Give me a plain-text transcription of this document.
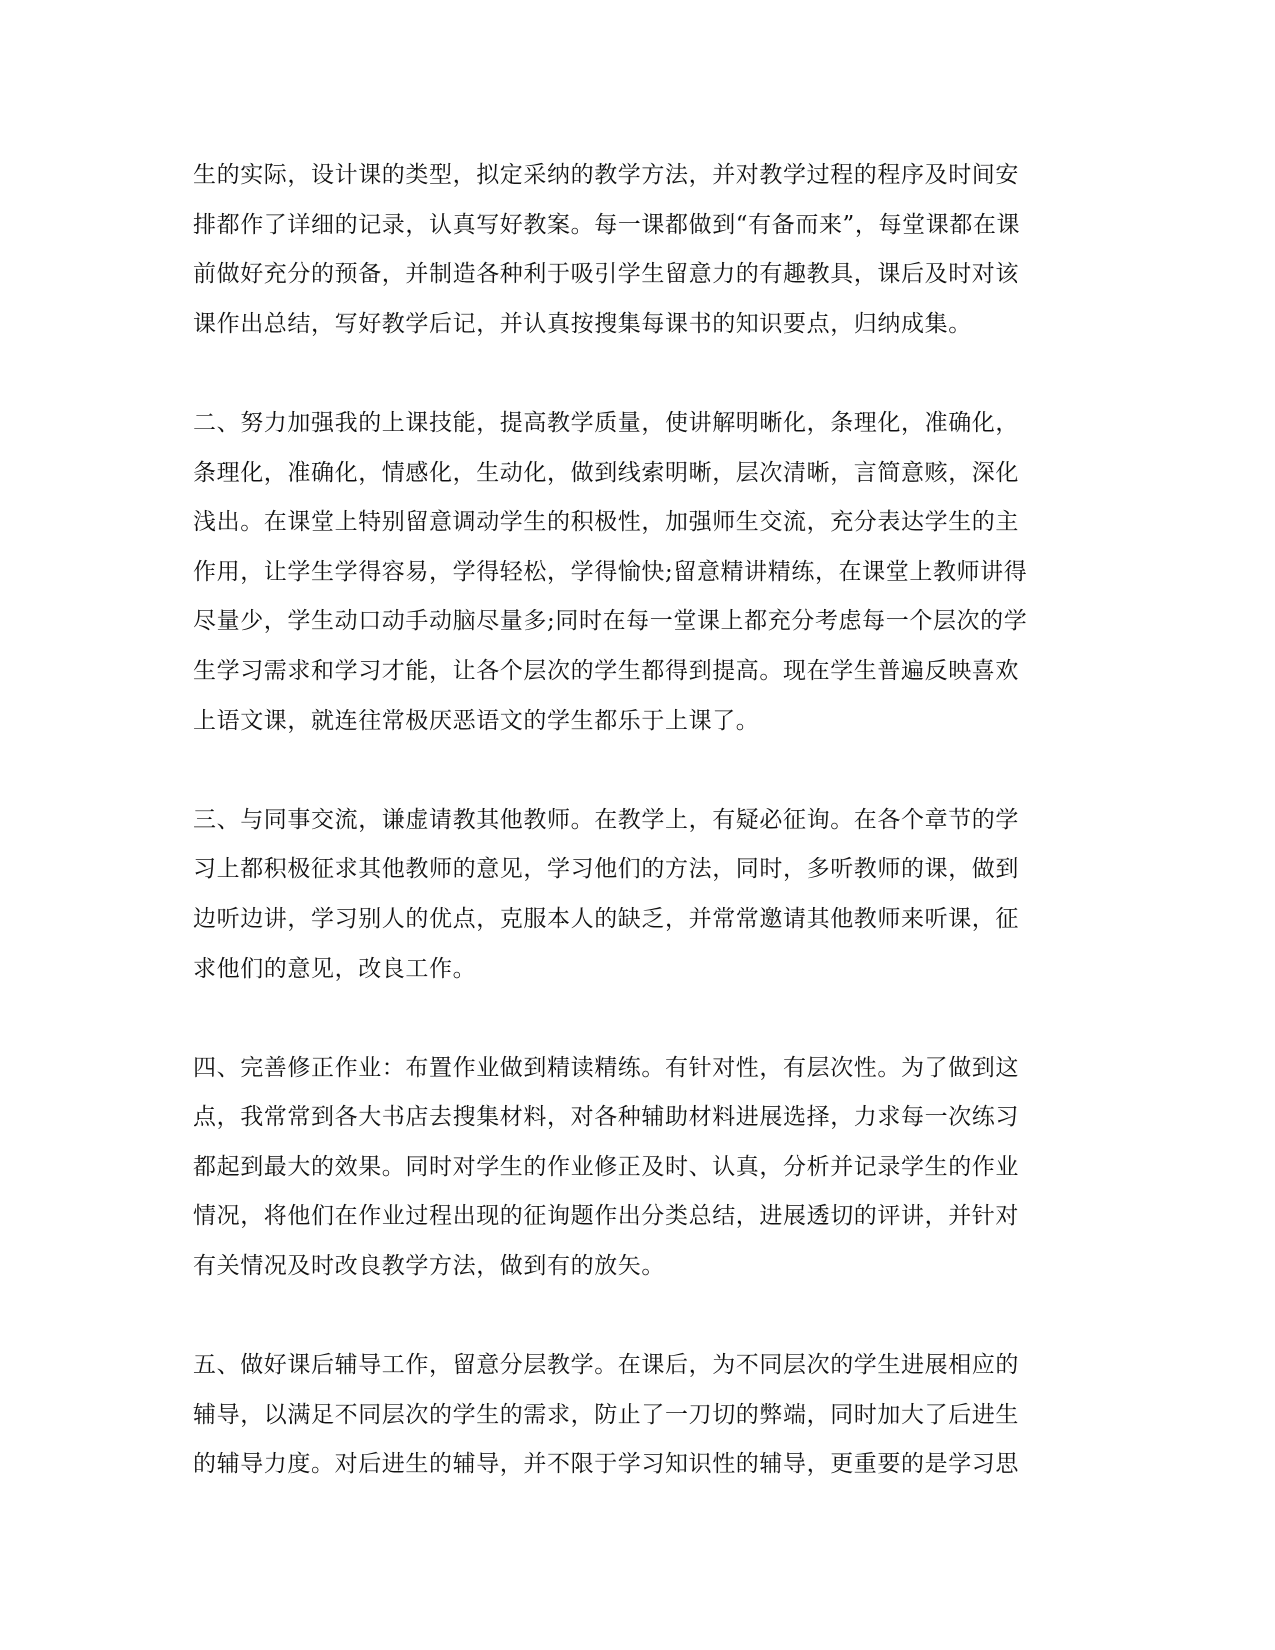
生的实际，设计课的类型，拟定采纳的教学方法，并对教学过程的程序及时间安
排都作了详细的记录，认真写好教案。每一课都做到“有备而来”，每堂课都在课
前做好充分的预备，并制造各种利于吸引学生留意力的有趣教具，课后及时对该
课作出总结，写好教学后记，并认真按搜集每课书的知识要点，归纳成集。
二、努力加强我的上课技能，提高教学质量，使讲解明晰化，条理化，准确化，
条理化，准确化，情感化，生动化，做到线索明晰，层次清晰，言简意赅，深化
浅出。在课堂上特别留意调动学生的积极性，加强师生交流，充分表达学生的主
作用，让学生学得容易，学得轻松，学得愉快;留意精讲精练，在课堂上教师讲得
尽量少，学生动口动手动脑尽量多;同时在每一堂课上都充分考虑每一个层次的学
生学习需求和学习才能，让各个层次的学生都得到提高。现在学生普遍反映喜欢
上语文课，就连往常极厌恶语文的学生都乐于上课了。
三、与同事交流，谦虚请教其他教师。在教学上，有疑必征询。在各个章节的学
习上都积极征求其他教师的意见，学习他们的方法，同时，多听教师的课，做到
边听边讲，学习别人的优点，克服本人的缺乏，并常常邀请其他教师来听课，征
求他们的意见，改良工作。
四、完善修正作业：布置作业做到精读精练。有针对性，有层次性。为了做到这
点，我常常到各大书店去搜集材料，对各种辅助材料进展选择，力求每一次练习
都起到最大的效果。同时对学生的作业修正及时、认真，分析并记录学生的作业
情况，将他们在作业过程出现的征询题作出分类总结，进展透切的评讲，并针对
有关情况及时改良教学方法，做到有的放矢。
五、做好课后辅导工作，留意分层教学。在课后，为不同层次的学生进展相应的
辅导，以满足不同层次的学生的需求，防止了一刀切的弊端，同时加大了后进生
的辅导力度。对后进生的辅导，并不限于学习知识性的辅导，更重要的是学习思
